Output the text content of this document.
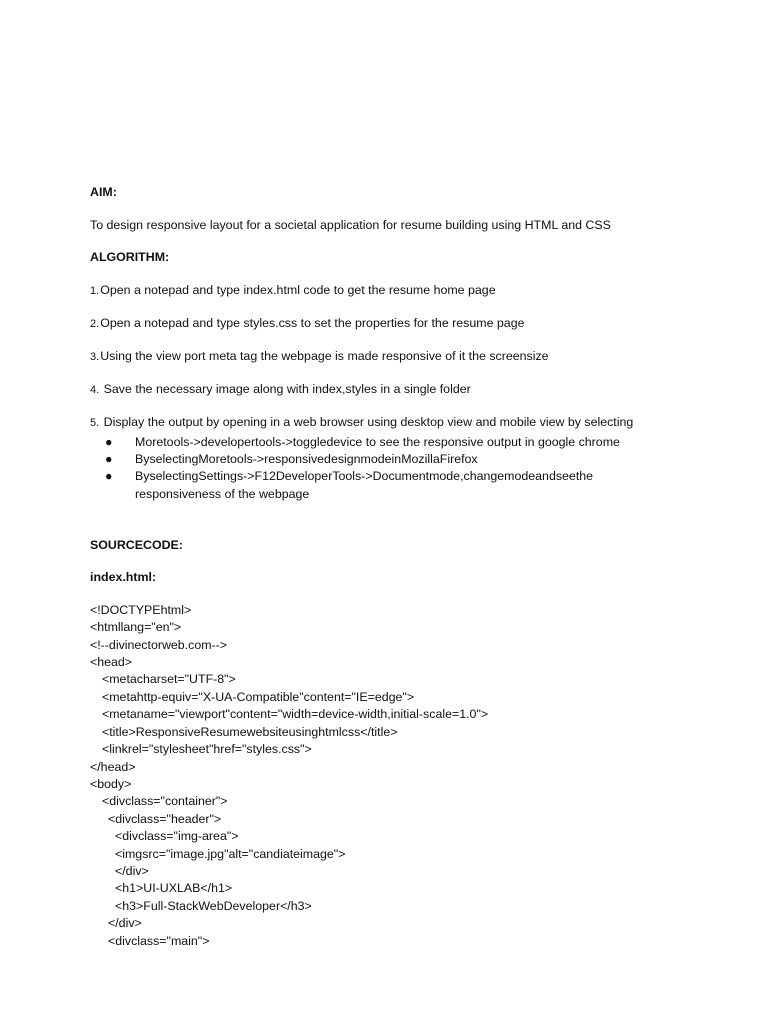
AIM:
To design responsive layout for a societal application for resume building using HTML and CSS
ALGORITHM:
1.Open a notepad and type index.html code to get the resume home page
2.Open a notepad and type styles.css to set the properties for the resume page
3.Using the view port meta tag the webpage is made responsive of it the screensize
4. Save the necessary image along with index,styles in a single folder
5. Display the output by opening in a web browser using desktop view and mobile view by selecting
● Moretools->developertools->toggledevice to see the responsive output in google chrome
● ByselectingMoretools->responsivedesignmodeinMozillaFirefox
● ByselectingSettings->F12DeveloperTools->Documentmode,changemodeandseethe
responsiveness of the webpage
SOURCECODE:
index.html:
<!DOCTYPEhtml>
<htmllang="en">
<!--divinectorweb.com-->
<head>
<metacharset="UTF-8">
<metahttp-equiv="X-UA-Compatible"content="IE=edge">
<metaname="viewport"content="width=device-width,initial-scale=1.0">
<title>ResponsiveResumewebsiteusinghtmlcss</title>
<linkrel="stylesheet"href="styles.css">
</head>
<body>
<divclass="container">
<divclass="header">
<divclass="img-area">
<imgsrc="image.jpg"alt="candiateimage">
</div>
<h1>UI-UXLAB</h1>
<h3>Full-StackWebDeveloper</h3>
</div>
<divclass="main">
